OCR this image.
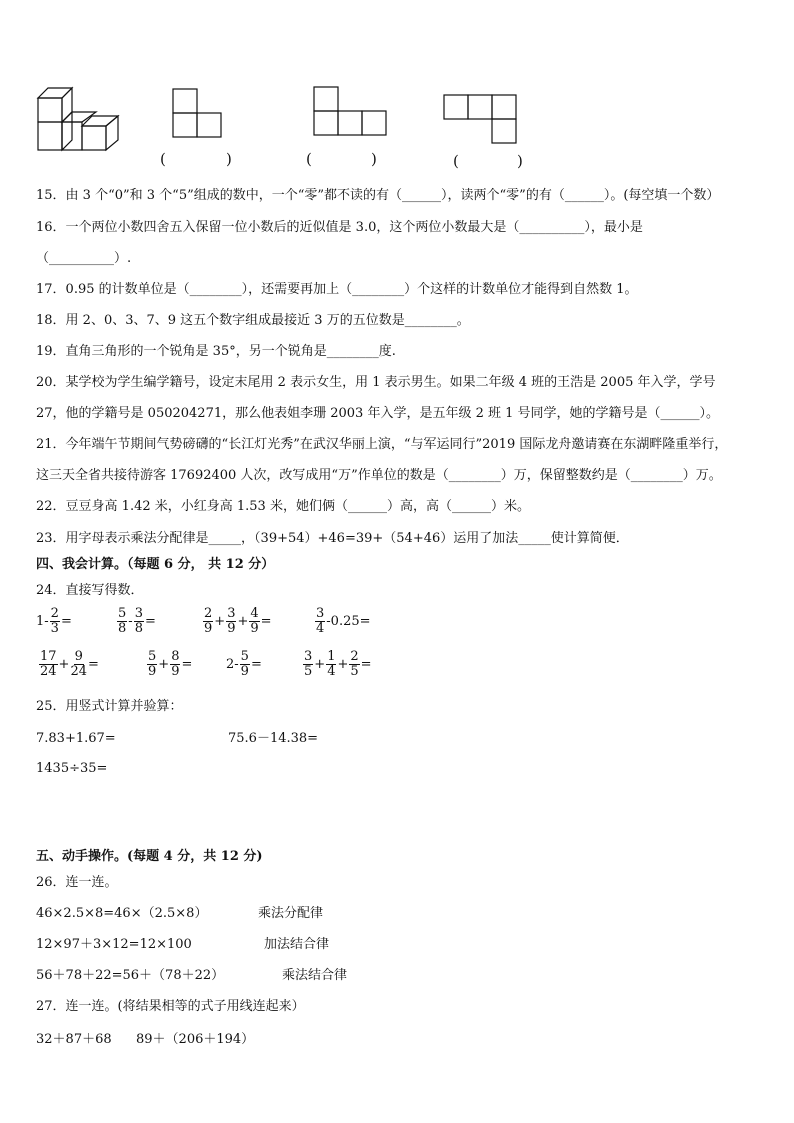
(	)	(	)	(	)
15．由 3 个“0”和 3 个“5”组成的数中，一个“零”都不读的有（______），读两个“零”的有（______）。(每空填一个数）
16．一个两位小数四舍五入保留一位小数后的近似值是 3.0，这个两位小数最大是（__________），最小是
（__________）.
17．0.95 的计数单位是（________），还需要再加上（________）个这样的计数单位才能得到自然数 1。
18．用 2、0、3、7、9 这五个数字组成最接近 3 万的五位数是________。
19．直角三角形的一个锐角是 35°，另一个锐角是________度.
20．某学校为学生编学籍号，设定末尾用 2 表示女生，用 1 表示男生。如果二年级 4 班的王浩是 2005 年入学，学号
27，他的学籍号是 050204271，那么他表姐李珊 2003 年入学，是五年级 2 班 1 号同学，她的学籍号是（______）。
21．今年端午节期间气势磅礴的“长江灯光秀”在武汉华丽上演，“与军运同行”2019 国际龙舟邀请赛在东湖畔隆重举行，
这三天全省共接待游客 17692400 人次，改写成用“万”作单位的数是（________）万，保留整数约是（________）万。
22．豆豆身高 1.42 米，小红身高 1.53 米，她们俩（______）高，高（______）米。
23．用字母表示乘法分配律是_____，（39+54）+46=39+（54+46）运用了加法_____使计算简便．
四、我会计算。（每题 6 分， 共 12 分）
24．直接写得数．
$1- \frac{2}{3}$ =	$\frac{5}{8} - \frac{3}{8}$ =	$\frac{2}{9} + \frac{3}{9} + \frac{4}{9}$ =	$\frac{3}{4} -0.25=$
$\frac{17}{24} + \frac{9}{24}$ =	$\frac{5}{9} + \frac{8}{9}$ =	$2- \frac{5}{9}$ =	$\frac{3}{5} + \frac{1}{4} + \frac{2}{5}$ =
25．用竖式计算并验算：
7.83+1.67=	75.6－14.38=
1435÷35=
五、动手操作。(每题 4 分，共 12 分)
26．连一连。
46×2.5×8=46×（2.5×8）	乘法分配律
12×97＋3×12=12×100	加法结合律
56＋78＋22=56＋（78＋22）	乘法结合律
27．连一连。(将结果相等的式子用线连起来）
32＋87＋68 89＋（206＋194）
